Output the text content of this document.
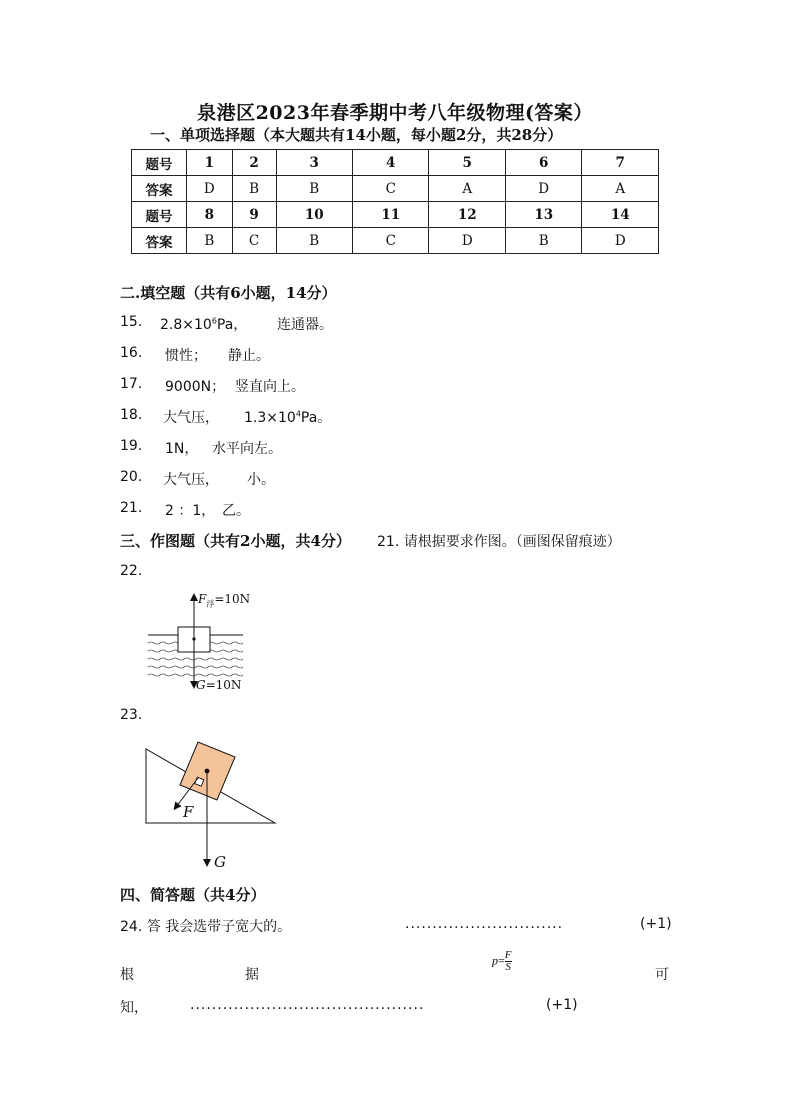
泉港区2023年春季期中考八年级物理(答案）
一、单项选择题（本大题共有14小题，每小题2分，共28分）
题号	1	2	3	4	5	6	7
答案	D	B	B	C	A	D	A
题号	8	9	10	11	12	13	14
答案	B	C	B	C	D	B	D
二.填空题（共有6小题，14分）
15. $2.8\times 10^6Pa$， 连通器。
16. 惯性； 静止。
17. 9000N； 竖直向上。
18. 大气压， $1.3\times 10^4Pa$。
19. 1N， 水平向左。
20. 大气压， 小。
21. 2 ：1， 乙。
三、作图题（共有2小题，共4分） 21. 请根据要求作图。（画图保留痕迹）
22.
$F_浮=10N$
G=10N
23.
F
G
四、简答题（共4分）
24. 答 我会选带子宽大的。	.............................	(+1)
根	据
$p= \frac{F}{S}$
可
知，	...........................................	(+1)
